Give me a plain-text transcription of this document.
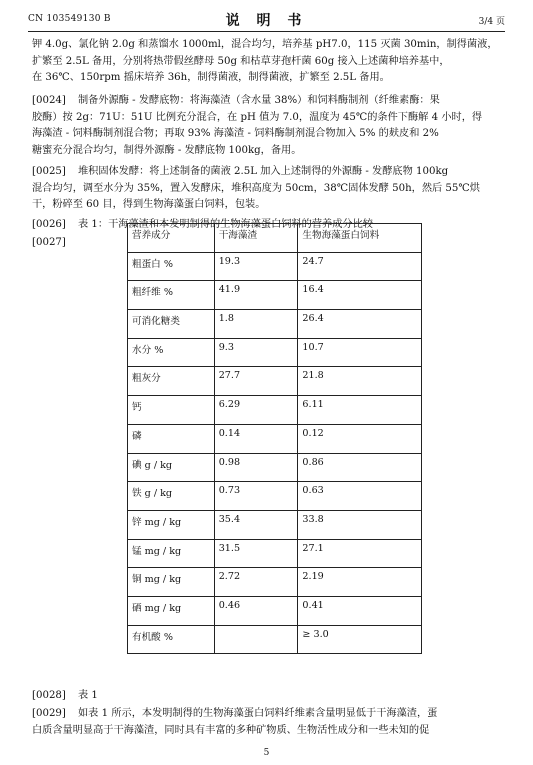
CN 103549130 B	说 明 书	3/4 页

钾 4.0g、氯化钠 2.0g 和蒸馏水 1000ml，混合均匀，培养基 pH7.0，115 灭菌 30min，制得菌液，

扩繁至 2.5L 备用，分别将热带假丝酵母 50g 和枯草芽孢杆菌 60g 接入上述菌种培养基中，

在 36℃、150rpm 摇床培养 36h，制得菌液，制得菌液，扩繁至 2.5L 备用。

[0024] 制备外源酶 - 发酵底物：将海藻渣（含水量 38%）和饲料酶制剂（纤维素酶：果

胶酶）按 2g：71U：51U 比例充分混合，在 pH 值为 7.0，温度为 45℃的条件下酶解 4 小时，得

海藻渣 - 饲料酶制剂混合物；再取 93% 海藻渣 - 饲料酶制剂混合物加入 5% 的麸皮和 2%

糖蜜充分混合均匀，制得外源酶 - 发酵底物 100kg，备用。

[0025] 堆积固体发酵：将上述制备的菌液 2.5L 加入上述制得的外源酶 - 发酵底物 100kg

混合均匀，调至水分为 35%，置入发酵床，堆积高度为 50cm，38℃固体发酵 50h，然后 55℃烘

干，粉碎至 60 目，得到生物海藻蛋白饲料，包装。

[0026] 表 1：干海藻渣和本发明制得的生物海藻蛋白饲料的营养成分比较

[0027]

营养成分	干海藻渣	生物海藻蛋白饲料
粗蛋白 %	19.3	24.7
粗纤维 %	41.9	16.4
可消化糖类	1.8	26.4
水分 %	9.3	10.7
粗灰分	27.7	21.8
钙	6.29	6.11
磷	0.14	0.12
碘 g / kg	0.98	0.86
铁 g / kg	0.73	0.63
锌 mg / kg	35.4	33.8
锰 mg / kg	31.5	27.1
铜 mg / kg	2.72	2.19
硒 mg / kg	0.46	0.41
有机酸 %		≥ 3.0

[0028] 表 1

[0029] 如表 1 所示，本发明制得的生物海藻蛋白饲料纤维素含量明显低于干海藻渣，蛋

白质含量明显高于干海藻渣，同时具有丰富的多种矿物质、生物活性成分和一些未知的促

5
